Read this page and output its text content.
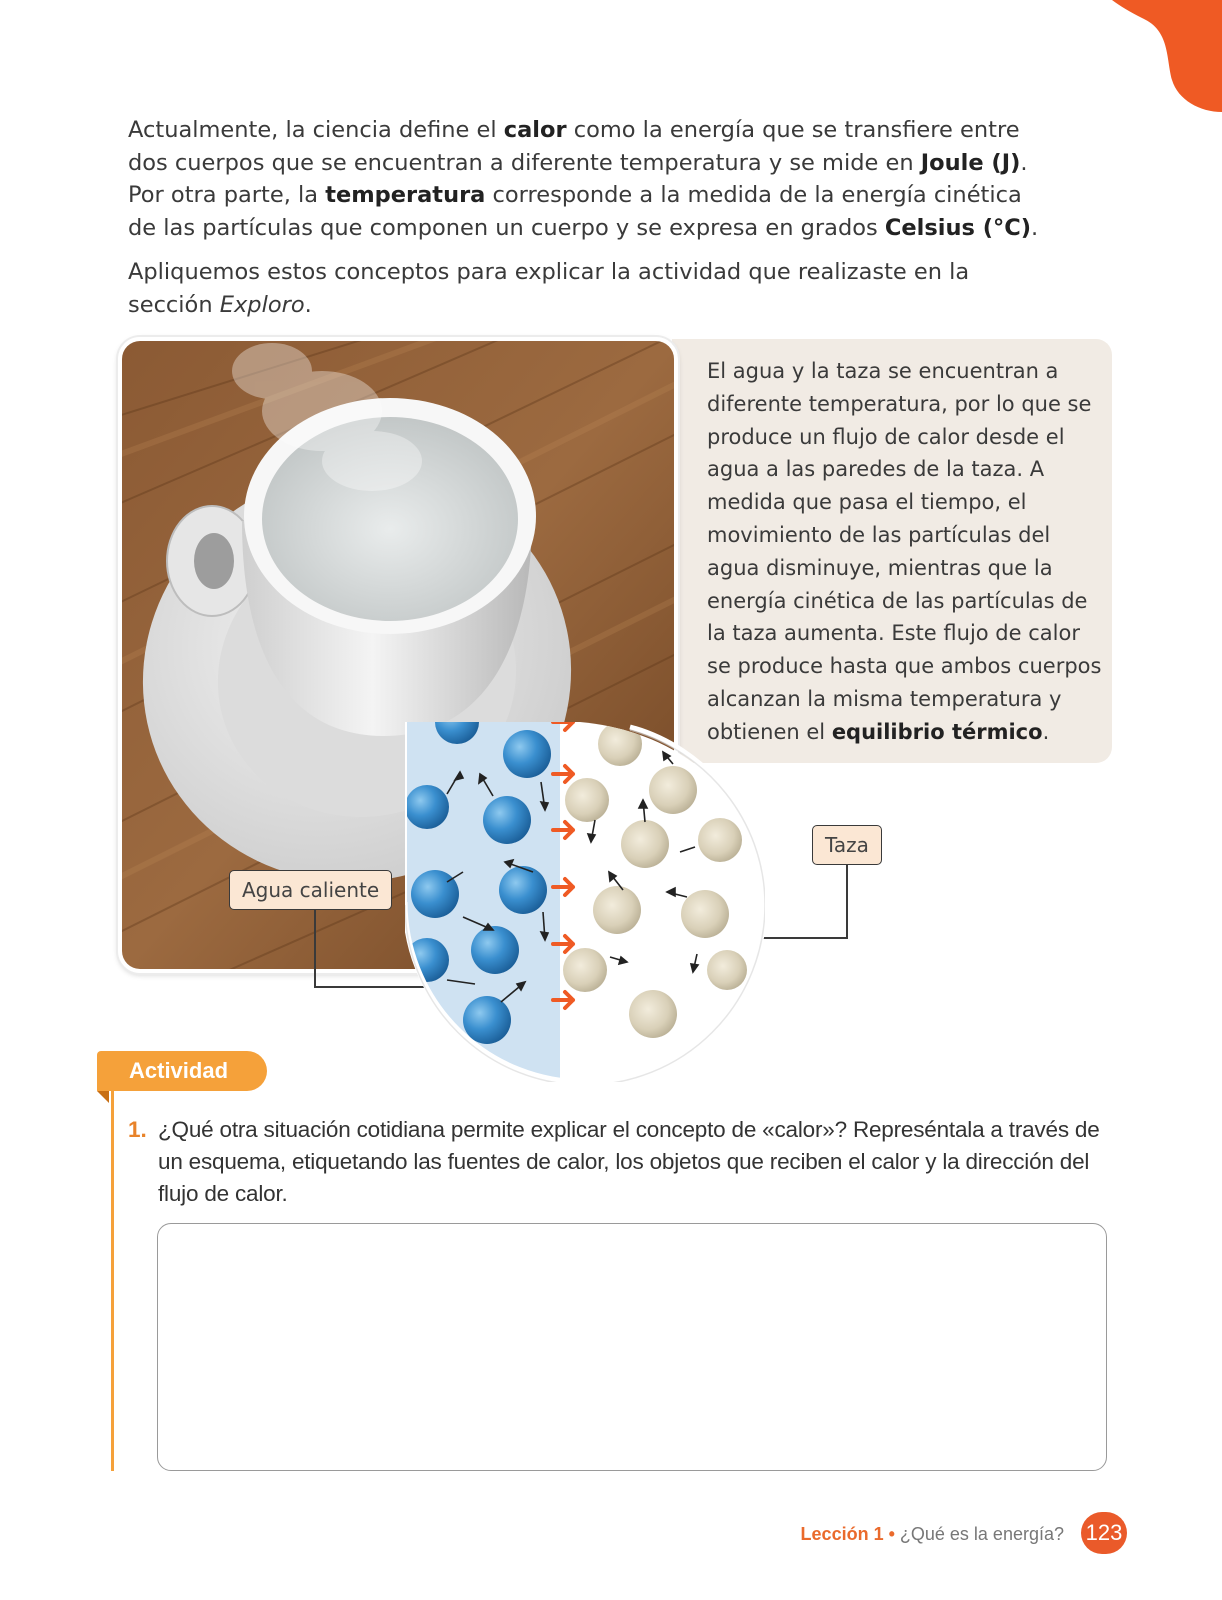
Actualmente, la ciencia define el calor como la energía que se transfiere entre dos cuerpos que se encuentran a diferente temperatura y se mide en Joule (J). Por otra parte, la temperatura corresponde a la medida de la energía cinética de las partículas que componen un cuerpo y se expresa en grados Celsius (°C).

Apliquemos estos conceptos para explicar la actividad que realizaste en la sección Exploro.

El agua y la taza se encuentran a diferente temperatura, por lo que se produce un flujo de calor desde el agua a las paredes de la taza. A medida que pasa el tiempo, el movimiento de las partículas del agua disminuye, mientras que la energía cinética de las partículas de la taza aumenta. Este flujo de calor se produce hasta que ambos cuerpos alcanzan la misma temperatura y obtienen el equilibrio térmico.
Agua caliente
Taza
Actividad
1. ¿Qué otra situación cotidiana permite explicar el concepto de «calor»? Represéntala a través de un esquema, etiquetando las fuentes de calor, los objetos que reciben el calor y la dirección del flujo de calor.
Lección 1 • ¿Qué es la energía? 123
